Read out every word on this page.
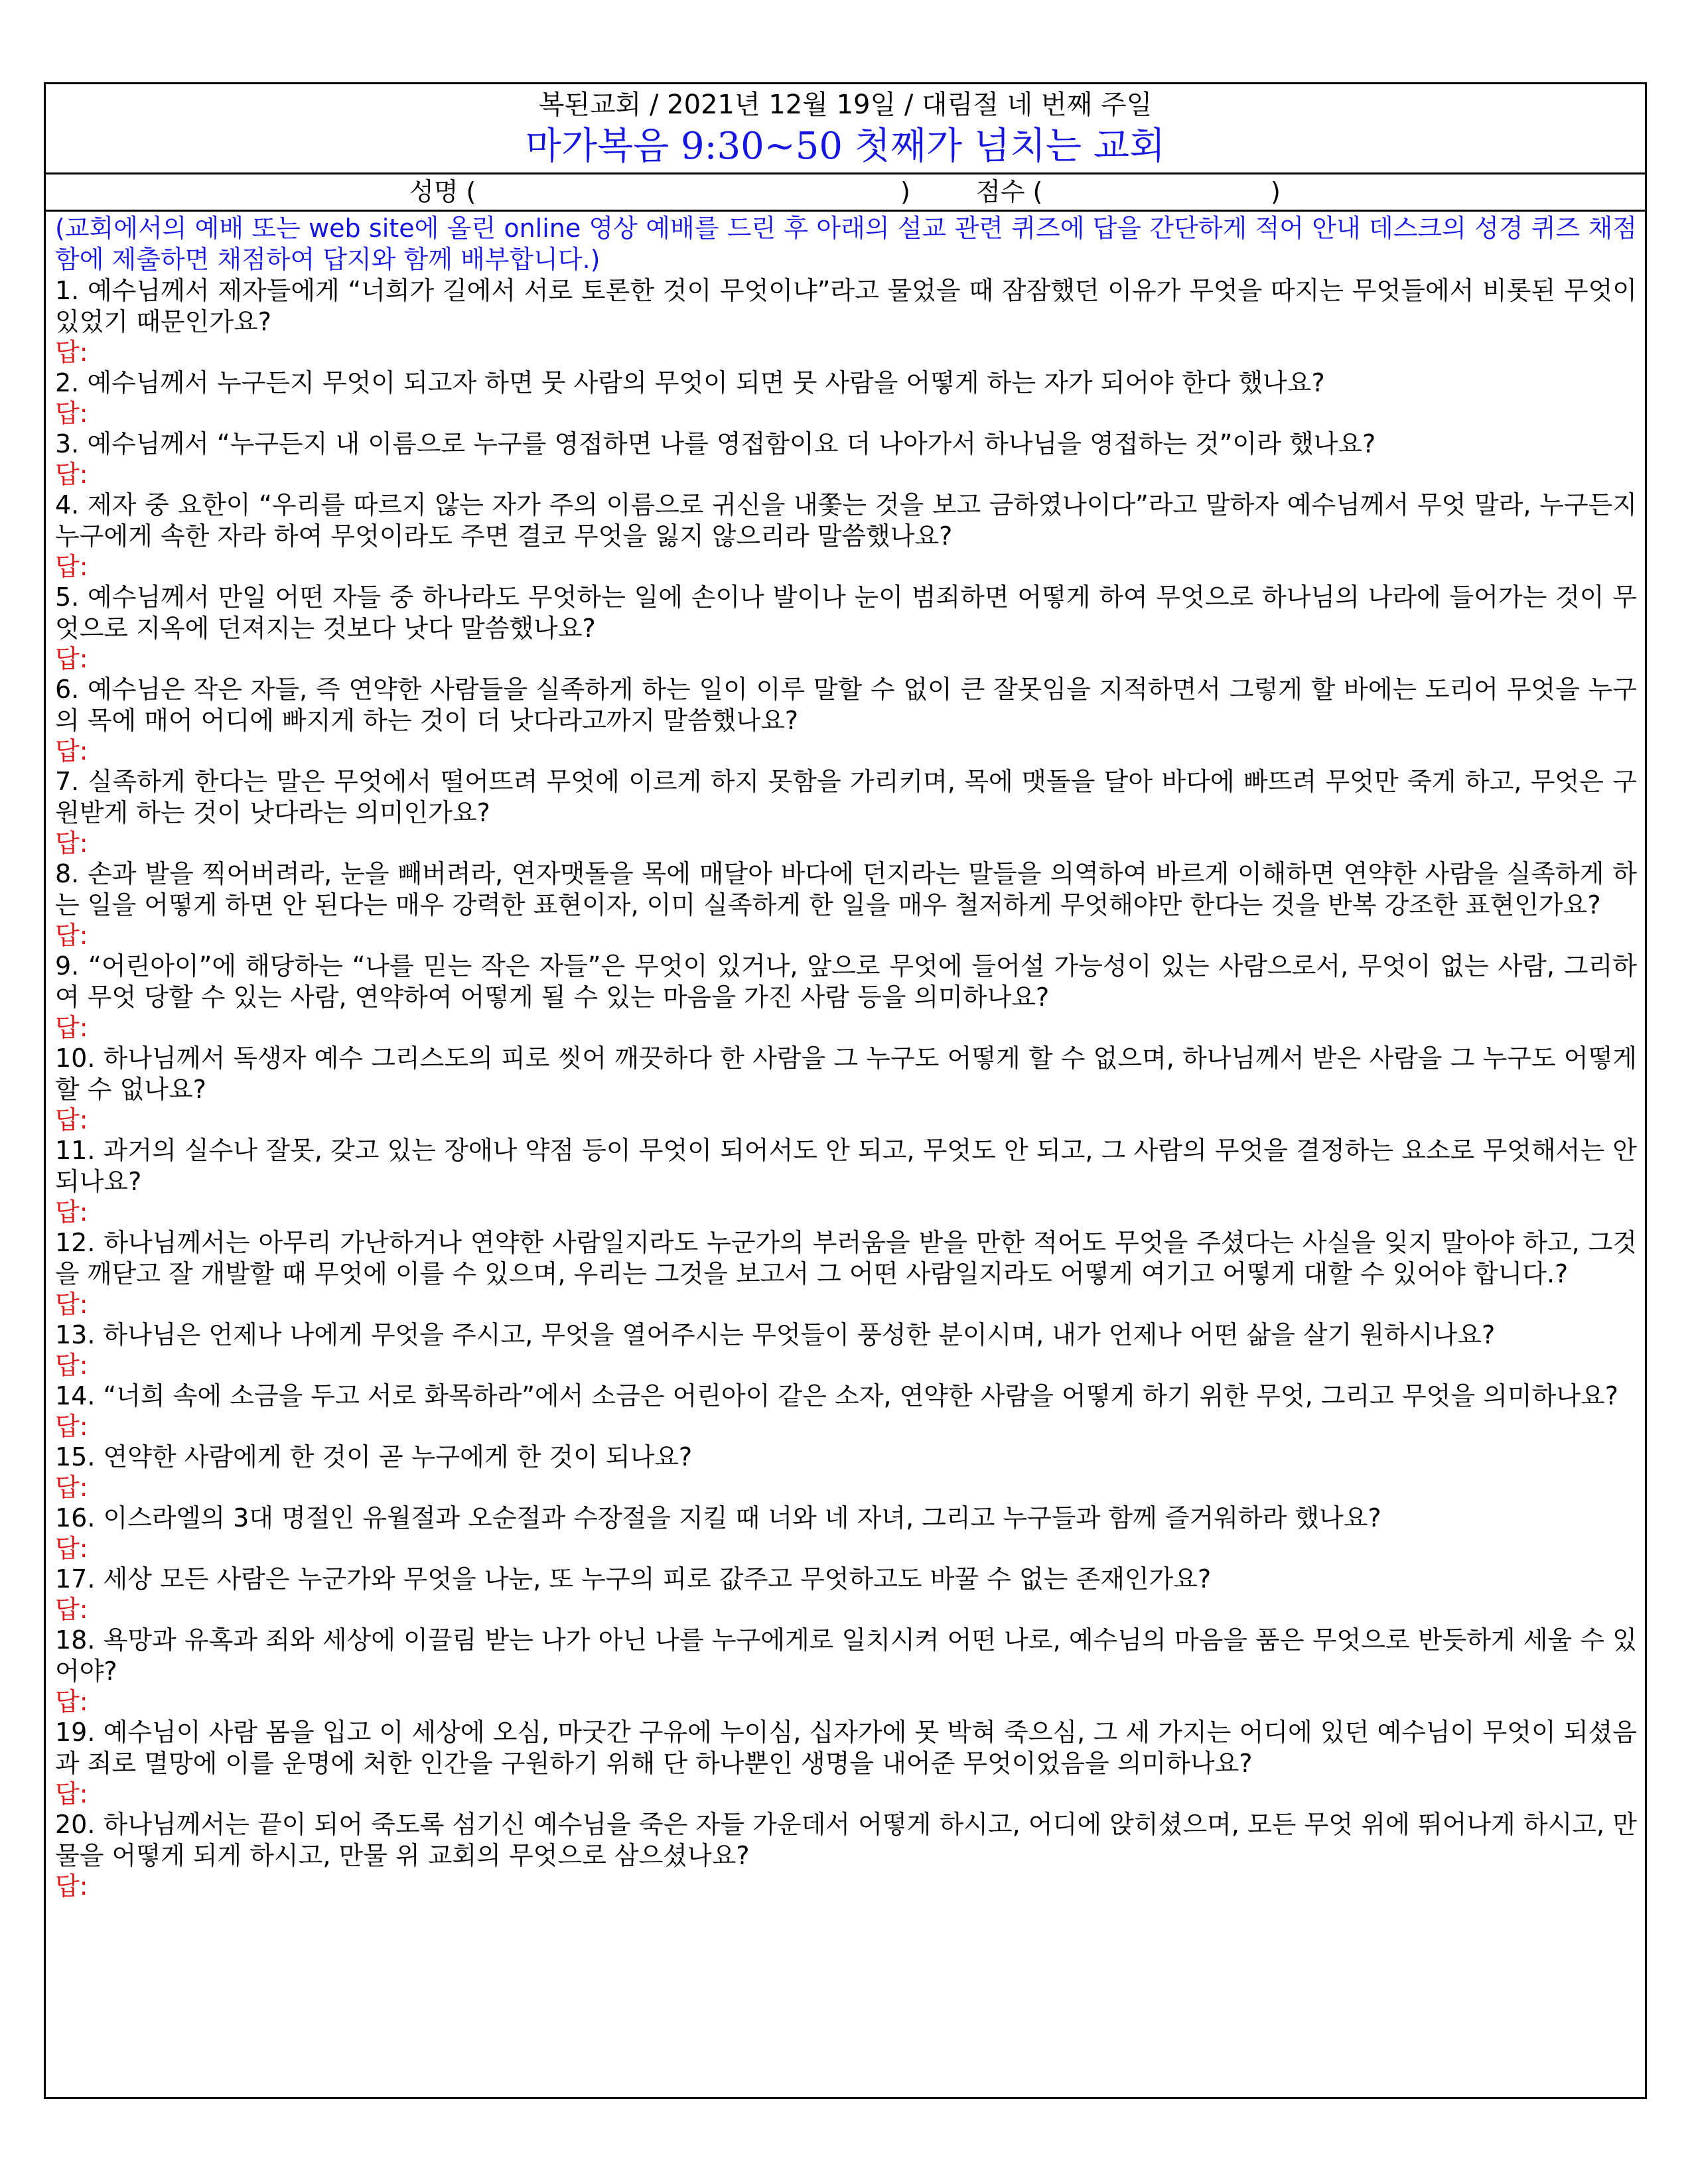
복된교회 / 2021년 12월 19일 / 대림절 네 번째 주일
마가복음 9:30~50 첫째가 넘치는 교회
성명 (	)	점수 (	)

(교회에서의 예배 또는 web site에 올린 online 영상 예배를 드린 후 아래의 설교 관련 퀴즈에 답을 간단하게 적어 안내 데스크의 성경 퀴즈 채점함에 제출하면 채점하여 답지와 함께 배부합니다.)

1. 예수님께서 제자들에게 “너희가 길에서 서로 토론한 것이 무엇이냐”라고 물었을 때 잠잠했던 이유가 무엇을 따지는 무엇들에서 비롯된 무엇이 있었기 때문인가요?

답:

2. 예수님께서 누구든지 무엇이 되고자 하면 뭇 사람의 무엇이 되면 뭇 사람을 어떻게 하는 자가 되어야 한다 했나요?

답:

3. 예수님께서 “누구든지 내 이름으로 누구를 영접하면 나를 영접함이요 더 나아가서 하나님을 영접하는 것”이라 했나요?

답:

4. 제자 중 요한이 “우리를 따르지 않는 자가 주의 이름으로 귀신을 내쫓는 것을 보고 금하였나이다”라고 말하자 예수님께서 무엇 말라, 누구든지 누구에게 속한 자라 하여 무엇이라도 주면 결코 무엇을 잃지 않으리라 말씀했나요?

답:

5. 예수님께서 만일 어떤 자들 중 하나라도 무엇하는 일에 손이나 발이나 눈이 범죄하면 어떻게 하여 무엇으로 하나님의 나라에 들어가는 것이 무엇으로 지옥에 던져지는 것보다 낫다 말씀했나요?

답:

6. 예수님은 작은 자들, 즉 연약한 사람들을 실족하게 하는 일이 이루 말할 수 없이 큰 잘못임을 지적하면서 그렇게 할 바에는 도리어 무엇을 누구의 목에 매어 어디에 빠지게 하는 것이 더 낫다라고까지 말씀했나요?

답:

7. 실족하게 한다는 말은 무엇에서 떨어뜨려 무엇에 이르게 하지 못함을 가리키며, 목에 맷돌을 달아 바다에 빠뜨려 무엇만 죽게 하고, 무엇은 구원받게 하는 것이 낫다라는 의미인가요?

답:

8. 손과 발을 찍어버려라, 눈을 빼버려라, 연자맷돌을 목에 매달아 바다에 던지라는 말들을 의역하여 바르게 이해하면 연약한 사람을 실족하게 하는 일을 어떻게 하면 안 된다는 매우 강력한 표현이자, 이미 실족하게 한 일을 매우 철저하게 무엇해야만 한다는 것을 반복 강조한 표현인가요?

답:

9. “어린아이”에 해당하는 “나를 믿는 작은 자들”은 무엇이 있거나, 앞으로 무엇에 들어설 가능성이 있는 사람으로서, 무엇이 없는 사람, 그리하여 무엇 당할 수 있는 사람, 연약하여 어떻게 될 수 있는 마음을 가진 사람 등을 의미하나요?

답:

10. 하나님께서 독생자 예수 그리스도의 피로 씻어 깨끗하다 한 사람을 그 누구도 어떻게 할 수 없으며, 하나님께서 받은 사람을 그 누구도 어떻게 할 수 없나요?

답:

11. 과거의 실수나 잘못, 갖고 있는 장애나 약점 등이 무엇이 되어서도 안 되고, 무엇도 안 되고, 그 사람의 무엇을 결정하는 요소로 무엇해서는 안 되나요?

답:

12. 하나님께서는 아무리 가난하거나 연약한 사람일지라도 누군가의 부러움을 받을 만한 적어도 무엇을 주셨다는 사실을 잊지 말아야 하고, 그것을 깨닫고 잘 개발할 때 무엇에 이를 수 있으며, 우리는 그것을 보고서 그 어떤 사람일지라도 어떻게 여기고 어떻게 대할 수 있어야 합니다.?

답:

13. 하나님은 언제나 나에게 무엇을 주시고, 무엇을 열어주시는 무엇들이 풍성한 분이시며, 내가 언제나 어떤 삶을 살기 원하시나요?

답:

14. “너희 속에 소금을 두고 서로 화목하라”에서 소금은 어린아이 같은 소자, 연약한 사람을 어떻게 하기 위한 무엇, 그리고 무엇을 의미하나요?

답:

15. 연약한 사람에게 한 것이 곧 누구에게 한 것이 되나요?

답:

16. 이스라엘의 3대 명절인 유월절과 오순절과 수장절을 지킬 때 너와 네 자녀, 그리고 누구들과 함께 즐거워하라 했나요?

답:

17. 세상 모든 사람은 누군가와 무엇을 나눈, 또 누구의 피로 값주고 무엇하고도 바꿀 수 없는 존재인가요?

답:

18. 욕망과 유혹과 죄와 세상에 이끌림 받는 나가 아닌 나를 누구에게로 일치시켜 어떤 나로, 예수님의 마음을 품은 무엇으로 반듯하게 세울 수 있어야?

답:

19. 예수님이 사람 몸을 입고 이 세상에 오심, 마굿간 구유에 누이심, 십자가에 못 박혀 죽으심, 그 세 가지는 어디에 있던 예수님이 무엇이 되셨음과 죄로 멸망에 이를 운명에 처한 인간을 구원하기 위해 단 하나뿐인 생명을 내어준 무엇이었음을 의미하나요?

답:

20. 하나님께서는 끝이 되어 죽도록 섬기신 예수님을 죽은 자들 가운데서 어떻게 하시고, 어디에 앉히셨으며, 모든 무엇 위에 뛰어나게 하시고, 만물을 어떻게 되게 하시고, 만물 위 교회의 무엇으로 삼으셨나요?

답:
